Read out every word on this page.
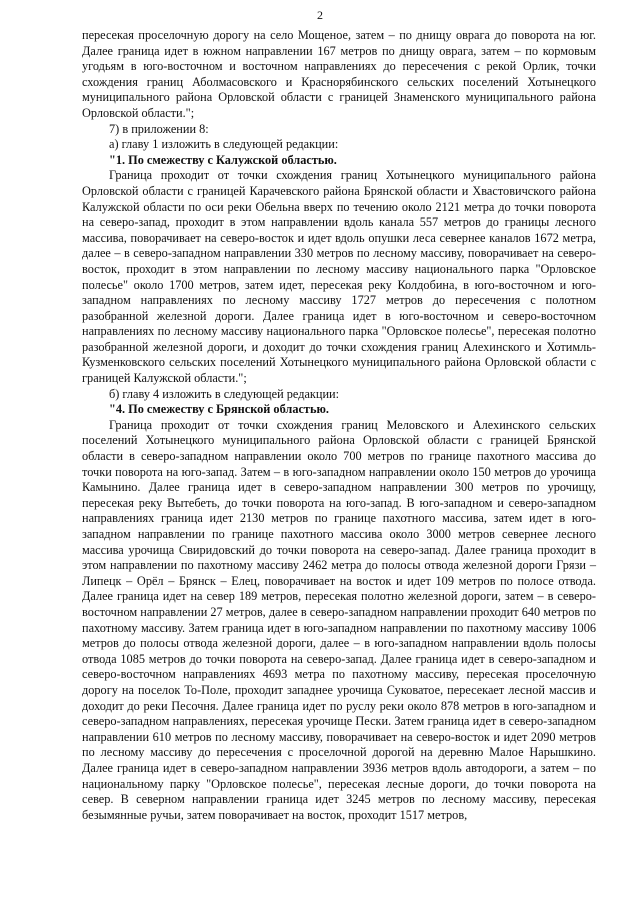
2

пересекая проселочную дорогу на село Мощеное, затем – по днищу оврага до поворота на юг. Далее граница идет в южном направлении 167 метров по днищу оврага, затем – по кормовым угодьям в юго-восточном и восточном направлениях до пересечения с рекой Орлик, точки схождения границ Аболмасовского и Краснорябинского сельских поселений Хотынецкого муниципального района Орловской области с границей Знаменского муниципального района Орловской области.";

7) в приложении 8:

а) главу 1 изложить в следующей редакции:

"1. По смежеству с Калужской областью.

Граница проходит от точки схождения границ Хотынецкого муниципального района Орловской области с границей Карачевского района Брянской области и Хвастовичского района Калужской области по оси реки Обельна вверх по течению около 2121 метра до точки поворота на северо-запад, проходит в этом направлении вдоль канала 557 метров до границы лесного массива, поворачивает на северо-восток и идет вдоль опушки леса севернее каналов 1672 метра, далее – в северо-западном направлении 330 метров по лесному массиву, поворачивает на северо-восток, проходит в этом направлении по лесному массиву национального парка "Орловское полесье" около 1700 метров, затем идет, пересекая реку Колдобина, в юго-восточном и юго-западном направлениях по лесному массиву 1727 метров до пересечения с полотном разобранной железной дороги. Далее граница идет в юго-восточном и северо-восточном направлениях по лесному массиву национального парка "Орловское полесье", пересекая полотно разобранной железной дороги, и доходит до точки схождения границ Алехинского и Хотимль-Кузменковского сельских поселений Хотынецкого муниципального района Орловской области с границей Калужской области.";

б) главу 4 изложить в следующей редакции:

"4. По смежеству с Брянской областью.

Граница проходит от точки схождения границ Меловского и Алехинского сельских поселений Хотынецкого муниципального района Орловской области с границей Брянской области в северо-западном направлении около 700 метров по границе пахотного массива до точки поворота на юго-запад. Затем – в юго-западном направлении около 150 метров до урочища Камынино. Далее граница идет в северо-западном направлении 300 метров по урочищу, пересекая реку Вытебеть, до точки поворота на юго-запад. В юго-западном и северо-западном направлениях граница идет 2130 метров по границе пахотного массива, затем идет в юго-западном направлении по границе пахотного массива около 3000 метров севернее лесного массива урочища Свиридовский до точки поворота на северо-запад. Далее граница проходит в этом направлении по пахотному массиву 2462 метра до полосы отвода железной дороги Грязи – Липецк – Орёл – Брянск – Елец, поворачивает на восток и идет 109 метров по полосе отвода. Далее граница идет на север 189 метров, пересекая полотно железной дороги, затем – в северо-восточном направлении 27 метров, далее в северо-западном направлении проходит 640 метров по пахотному массиву. Затем граница идет в юго-западном направлении по пахотному массиву 1006 метров до полосы отвода железной дороги, далее – в юго-западном направлении вдоль полосы отвода 1085 метров до точки поворота на северо-запад. Далее граница идет в северо-западном и северо-восточном направлениях 4693 метра по пахотному массиву, пересекая проселочную дорогу на поселок То-Поле, проходит западнее урочища Суковатое, пересекает лесной массив и доходит до реки Песочня. Далее граница идет по руслу реки около 878 метров в юго-западном и северо-западном направлениях, пересекая урочище Пески. Затем граница идет в северо-западном направлении 610 метров по лесному массиву, поворачивает на северо-восток и идет 2090 метров по лесному массиву до пересечения с проселочной дорогой на деревню Малое Нарышкино. Далее граница идет в северо-западном направлении 3936 метров вдоль автодороги, а затем – по национальному парку "Орловское полесье", пересекая лесные дороги, до точки поворота на север. В северном направлении граница идет 3245 метров по лесному массиву, пересекая безымянные ручьи, затем поворачивает на восток, проходит 1517 метров,
